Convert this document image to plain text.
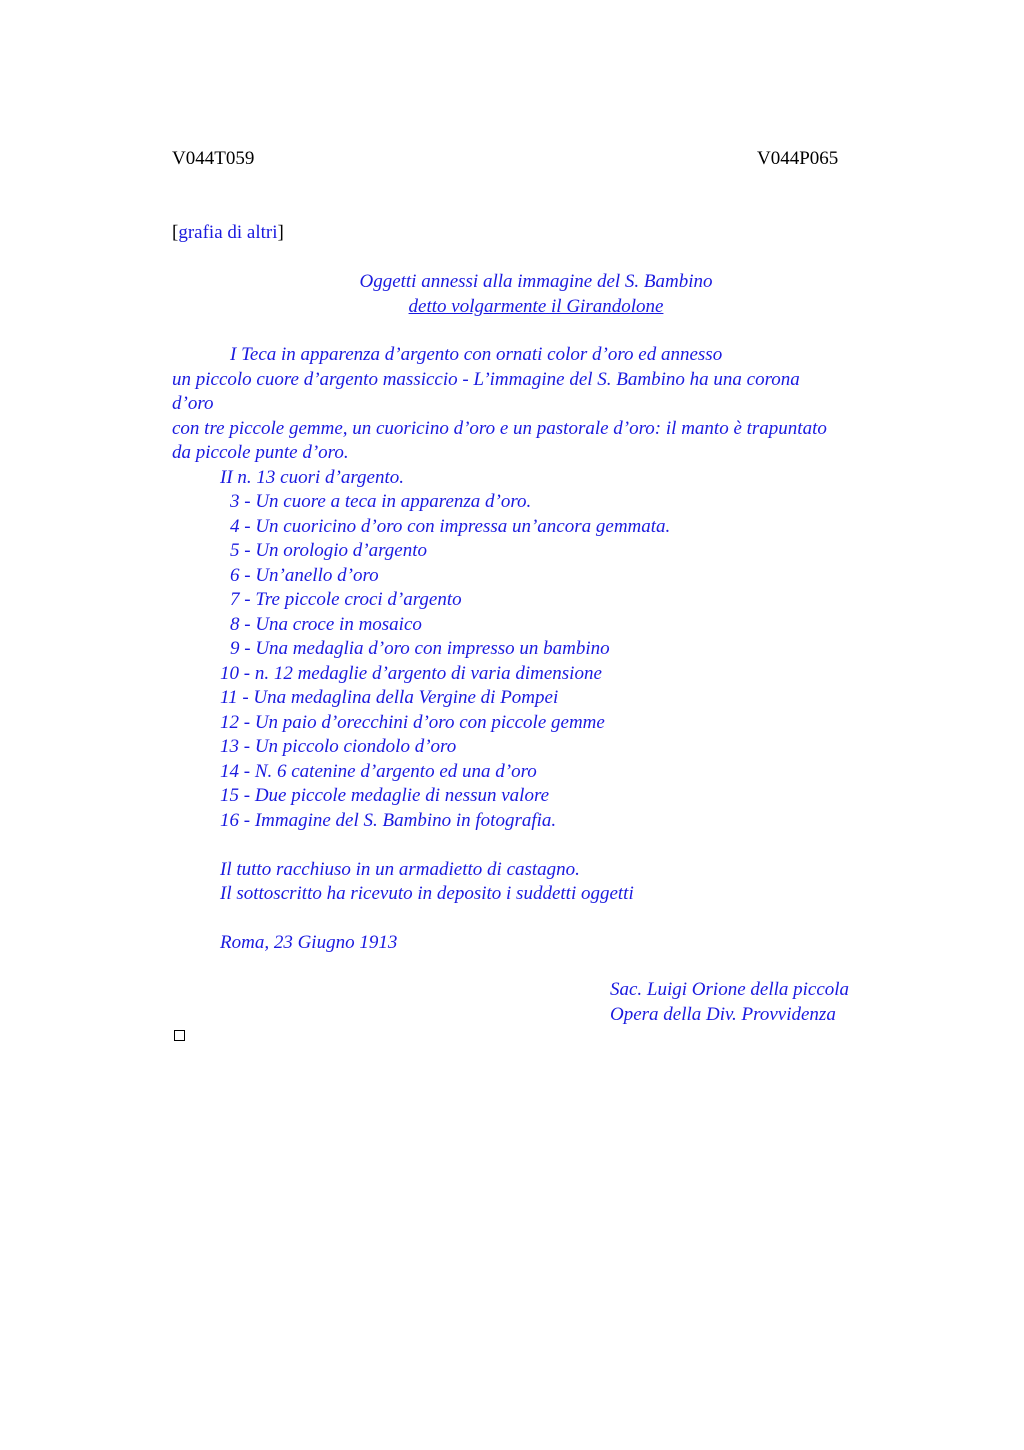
V044T059	V044P065
[grafia di altri]
Oggetti annessi alla immagine del S. Bambino
detto volgarmente il Girandolone
I Teca in apparenza d’argento con ornati color d’oro ed annesso
un piccolo cuore d’argento massiccio - L’immagine del S. Bambino ha una corona
d’oro
con tre piccole gemme, un cuoricino d’oro e un pastorale d’oro: il manto è trapuntato
da piccole punte d’oro.
II n. 13 cuori d’argento.
3 - Un cuore a teca in apparenza d’oro.
4 - Un cuoricino d’oro con impressa un’ancora gemmata.
5 - Un orologio d’argento
6 - Un’anello d’oro
7 - Tre piccole croci d’argento
8 - Una croce in mosaico
9 - Una medaglia d’oro con impresso un bambino
10 - n. 12 medaglie d’argento di varia dimensione
11 - Una medaglina della Vergine di Pompei
12 - Un paio d’orecchini d’oro con piccole gemme
13 - Un piccolo ciondolo d’oro
14 - N. 6 catenine d’argento ed una d’oro
15 - Due piccole medaglie di nessun valore
16 - Immagine del S. Bambino in fotografia.
Il tutto racchiuso in un armadietto di castagno.
Il sottoscritto ha ricevuto in deposito i suddetti oggetti
Roma, 23 Giugno 1913
Sac. Luigi Orione della piccola
Opera della Div. Provvidenza
